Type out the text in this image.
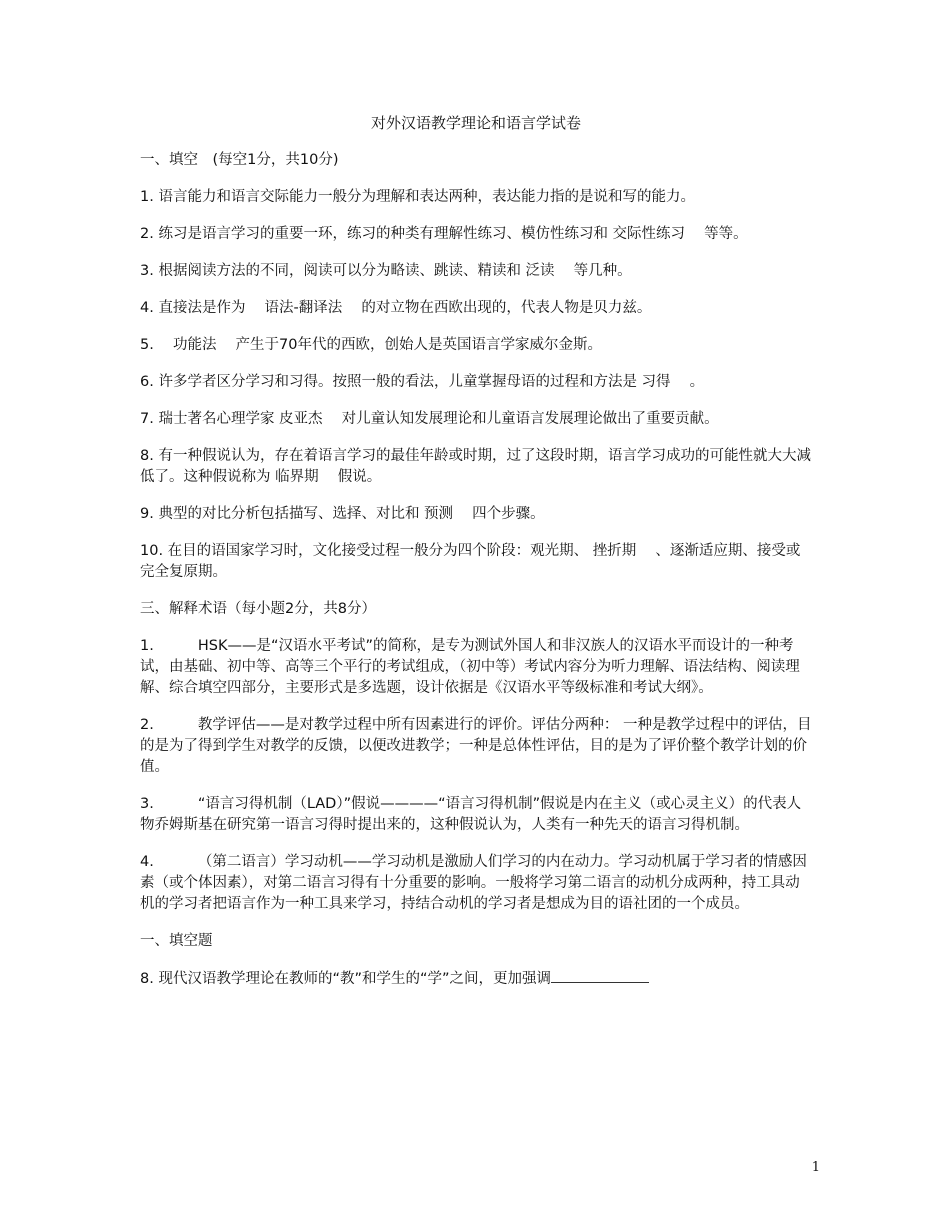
对外汉语教学理论和语言学试卷
一、填空　(每空1分，共10分)
1. 语言能力和语言交际能力一般分为理解和表达两种，表达能力指的是说和写的能力。
2. 练习是语言学习的重要一环，练习的种类有理解性练习、模仿性练习和 交际性练习　 等等。
3. 根据阅读方法的不同，阅读可以分为略读、跳读、精读和 泛读　 等几种。
4. 直接法是作为　 语法-翻译法　 的对立物在西欧出现的，代表人物是贝力兹。
5.　 功能法　 产生于70年代的西欧，创始人是英国语言学家威尔金斯。
6. 许多学者区分学习和习得。按照一般的看法，儿童掌握母语的过程和方法是 习得　 。
7. 瑞士著名心理学家 皮亚杰　 对儿童认知发展理论和儿童语言发展理论做出了重要贡献。
8. 有一种假说认为，存在着语言学习的最佳年龄或时期，过了这段时期，语言学习成功的可能性就大大减低了。这种假说称为 临界期　 假说。
9. 典型的对比分析包括描写、选择、对比和 预测　 四个步骤。
10. 在目的语国家学习时，文化接受过程一般分为四个阶段：观光期、 挫折期　 、逐渐适应期、接受或完全复原期。
三、解释术语（每小题2分，共8分）
1.	HSK——是“汉语水平考试”的简称，是专为测试外国人和非汉族人的汉语水平而设计的一种考试，由基础、初中等、高等三个平行的考试组成，（初中等）考试内容分为听力理解、语法结构、阅读理解、综合填空四部分，主要形式是多选题，设计依据是《汉语水平等级标准和考试大纲》。
2.	教学评估——是对教学过程中所有因素进行的评价。评估分两种： 一种是教学过程中的评估，目的是为了得到学生对教学的反馈，以便改进教学；一种是总体性评估，目的是为了评价整个教学计划的价值。
3.	“语言习得机制（LAD）”假说————“语言习得机制”假说是内在主义（或心灵主义）的代表人物乔姆斯基在研究第一语言习得时提出来的，这种假说认为，人类有一种先天的语言习得机制。
4.	（第二语言）学习动机——学习动机是激励人们学习的内在动力。学习动机属于学习者的情感因素（或个体因素），对第二语言习得有十分重要的影响。一般将学习第二语言的动机分成两种，持工具动机的学习者把语言作为一种工具来学习，持结合动机的学习者是想成为目的语社团的一个成员。
一、填空题
8. 现代汉语教学理论在教师的“教”和学生的“学”之间，更加强调
1
